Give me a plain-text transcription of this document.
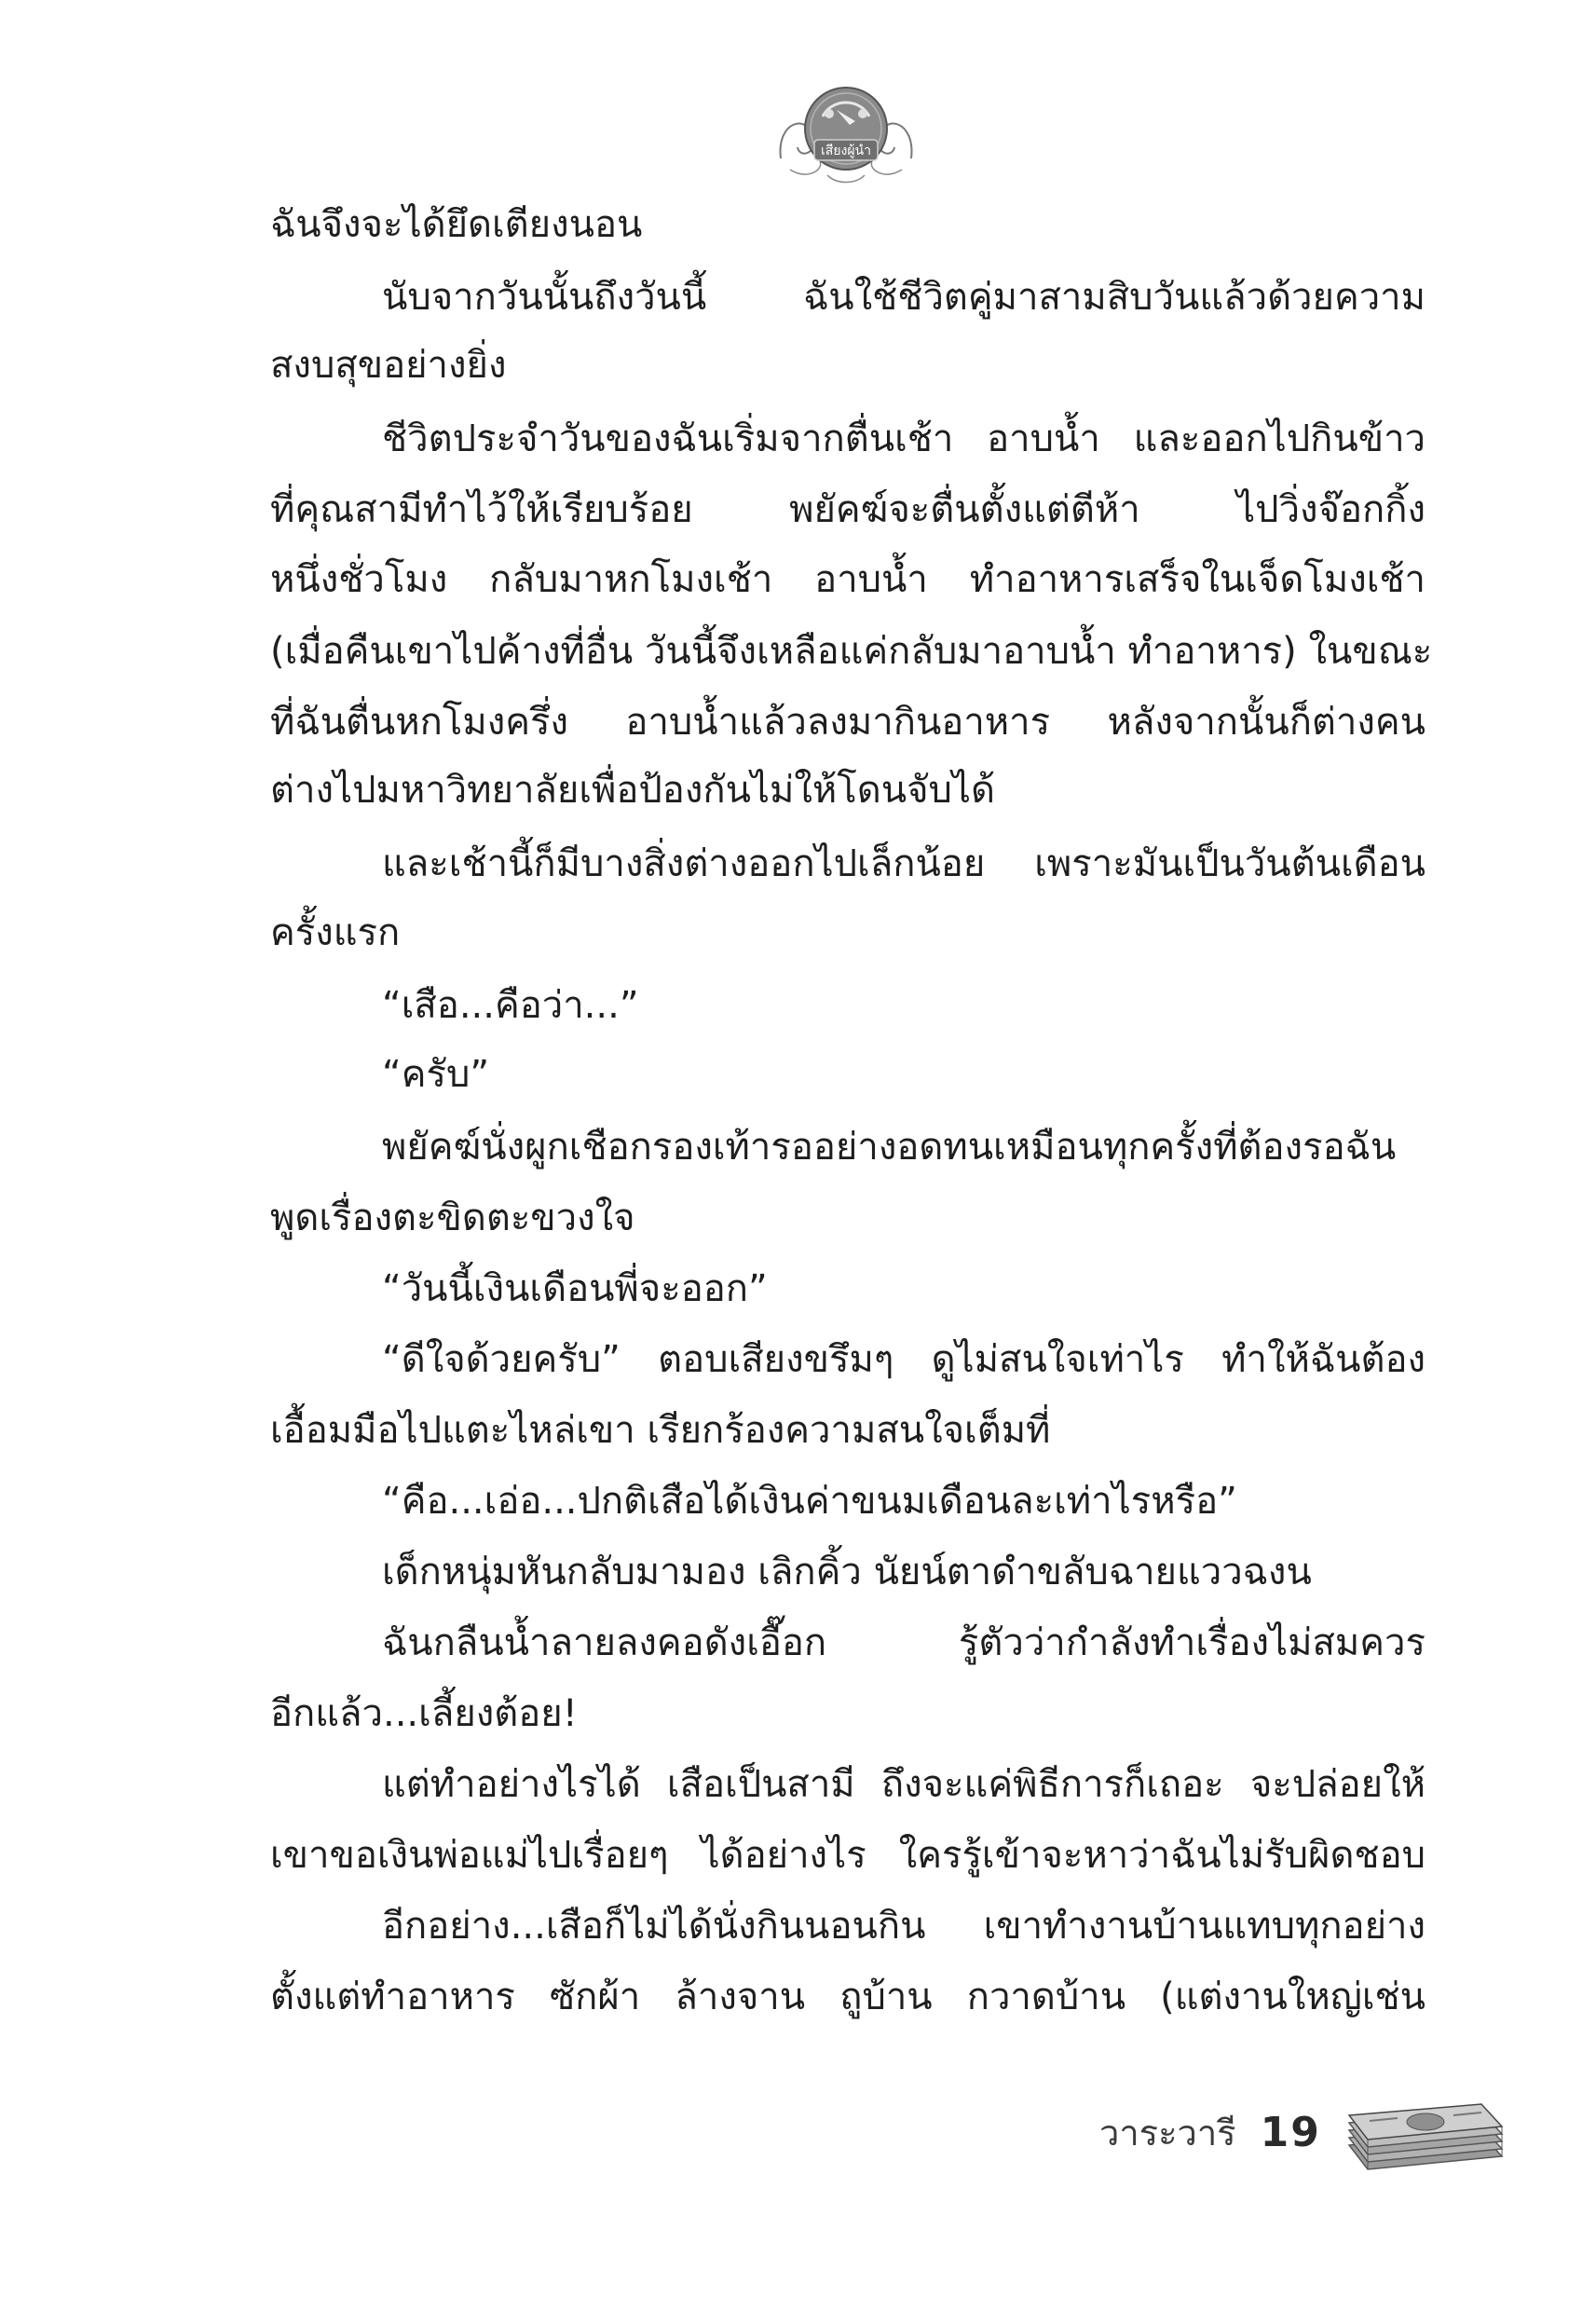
เสียงผู้นำ
ฉันจึงจะได้ยึดเตียงนอน
นับจากวันนั้นถึงวันนี้ ฉันใช้ชีวิตคู่มาสามสิบวันแล้วด้วยความ
สงบสุขอย่างยิ่ง
ชีวิตประจำวันของฉันเริ่มจากตื่นเช้า อาบน้ำ และออกไปกินข้าว
ที่คุณสามีทำไว้ให้เรียบร้อย พยัคฆ์จะตื่นตั้งแต่ตีห้า ไปวิ่งจ๊อกกิ้ง
หนึ่งชั่วโมง กลับมาหกโมงเช้า อาบน้ำ ทำอาหารเสร็จในเจ็ดโมงเช้า
(เมื่อคืนเขาไปค้างที่อื่น วันนี้จึงเหลือแค่กลับมาอาบน้ำ ทำอาหาร) ในขณะ
ที่ฉันตื่นหกโมงครึ่ง อาบน้ำแล้วลงมากินอาหาร หลังจากนั้นก็ต่างคน
ต่างไปมหาวิทยาลัยเพื่อป้องกันไม่ให้โดนจับได้
และเช้านี้ก็มีบางสิ่งต่างออกไปเล็กน้อย เพราะมันเป็นวันต้นเดือน
ครั้งแรก
“เสือ...คือว่า...”
“ครับ”
พยัคฆ์นั่งผูกเชือกรองเท้ารออย่างอดทนเหมือนทุกครั้งที่ต้องรอฉัน
พูดเรื่องตะขิดตะขวงใจ
“วันนี้เงินเดือนพี่จะออก”
“ดีใจด้วยครับ” ตอบเสียงขรึมๆ ดูไม่สนใจเท่าไร ทำให้ฉันต้อง
เอื้อมมือไปแตะไหล่เขา เรียกร้องความสนใจเต็มที่
“คือ...เอ่อ...ปกติเสือได้เงินค่าขนมเดือนละเท่าไรหรือ”
เด็กหนุ่มหันกลับมามอง เลิกคิ้ว นัยน์ตาดำขลับฉายแววฉงน
ฉันกลืนน้ำลายลงคอดังเอื๊อก รู้ตัวว่ากำลังทำเรื่องไม่สมควร
อีกแล้ว...เลี้ยงต้อย!
แต่ทำอย่างไรได้ เสือเป็นสามี ถึงจะแค่พิธีการก็เถอะ จะปล่อยให้
เขาขอเงินพ่อแม่ไปเรื่อยๆ ได้อย่างไร ใครรู้เข้าจะหาว่าฉันไม่รับผิดชอบ
อีกอย่าง...เสือก็ไม่ได้นั่งกินนอนกิน เขาทำงานบ้านแทบทุกอย่าง
ตั้งแต่ทำอาหาร ซักผ้า ล้างจาน ถูบ้าน กวาดบ้าน (แต่งานใหญ่เช่น
วาระวารี 19
